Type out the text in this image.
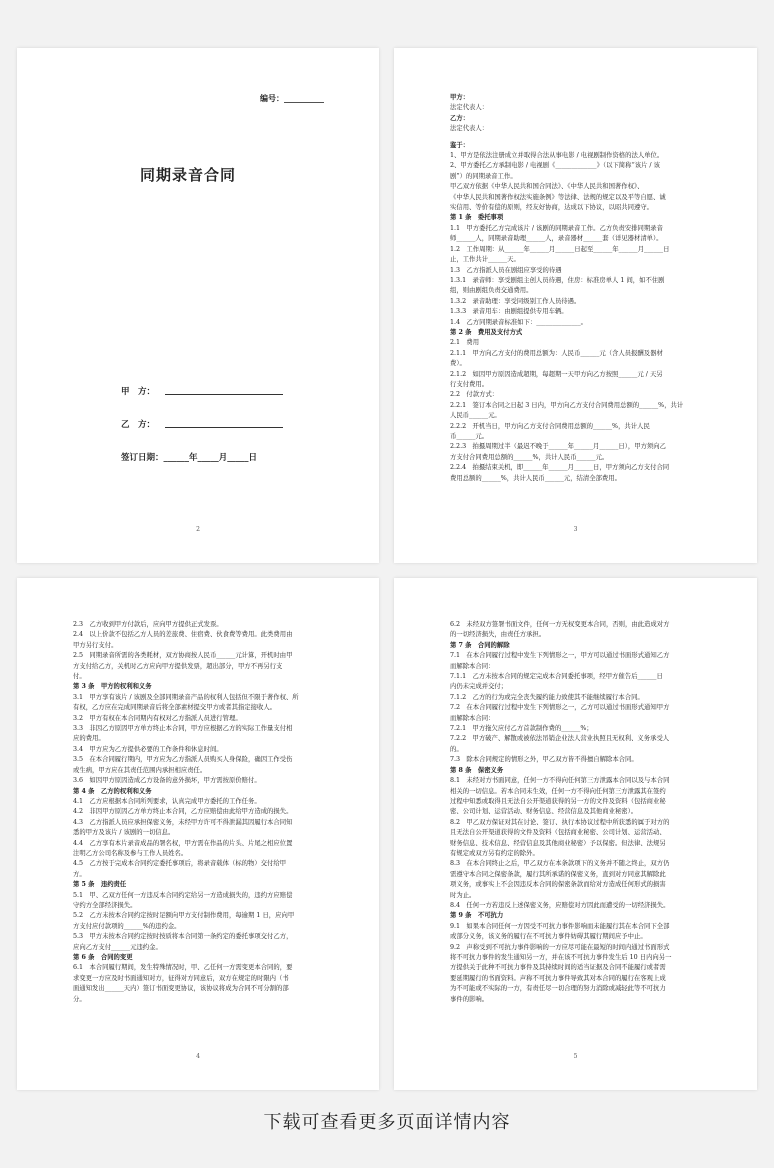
编号：__________
同期录音合同
甲　方：
乙　方：
签订日期：______年_____月_____日
2

甲方：

法定代表人：

乙方：

法定代表人：

鉴于：

1、甲方是依法注册成立并取得合法从事电影 / 电视剧制作资格的法人单位。

2、甲方委托乙方承制电影 / 电视剧《_____________》（以下简称“该片 / 该

剧”）的同期录音工作。

甲乙双方依据《中华人民共和国合同法》、《中华人民共和国著作权》、

《中华人民共和国著作权法实施条例》等法律、法规的规定以及平等自愿、诚

实信用、等价有偿的原则，经友好协商，达成以下协议，以昭共同遵守。

第 1 条　委托事项

1.1　甲方委托乙方完成该片 / 该剧的同期录音工作。乙方负责安排同期录音

师______人，同期录音助理______人，录音器材______套（详见器材清单）。

1.2　工作周期：从______年______月______日起至______年______月______日

止，工作共计______天。

1.3　乙方指派人员在剧组应享受的待遇

1.3.1　录音师：享受剧组主创人员待遇，住房：标准房单人 1 间，如不住剧

组，则由剧组负责交通费用。

1.3.2　录音助理：享受同级别工作人员待遇。

1.3.3　录音用车：由剧组提供专用车辆。

1.4　乙方同期录音标准如下：______________。

第 2 条　费用及支付方式

2.1　费用

2.1.1　甲方向乙方支付的费用总额为：人民币______元（含人员报酬及器材

费）。

2.1.2　如因甲方原因造成超期，每超期一天甲方向乙方按照______元 / 天另

行支付费用。

2.2　付款方式：

2.2.1　签订本合同之日起 3 日内，甲方向乙方支付合同费用总额的______%，共计

人民币______元。

2.2.2　开机当日，甲方向乙方支付合同费用总额的______%，共计人民

币______元。

2.2.3　拍摄周期过半（最迟不晚于______年______月______日），甲方须向乙

方支付合同费用总额的______%，共计人民币______元。

2.2.4　拍摄结束关机，即______年______月______日，甲方须向乙方支付合同

费用总额的______%，共计人民币______元，结清全部费用。

3

2.3　乙方收到甲方付款后，应向甲方提供正式发票。

2.4　以上价款不包括乙方人员的差旅费、住宿费、伙食费等费用。此类费用由

甲方另行支付。

2.5　同期录音所需的各类耗材，双方协商按人民币______元计算，开机时由甲

方支付给乙方，关机时乙方应向甲方提供发票，超出部分，甲方不再另行支

付。

第 3 条　甲方的权利和义务

3.1　甲方享有该片 / 该剧及全部同期录音产品的权利人包括但不限于著作权、所

有权，乙方应在完成同期录音后将全部素材提交甲方或者其指定接收人。

3.2　甲方有权在本合同期内有权对乙方指派人员进行管理。

3.3　非因乙方原因甲方单方终止本合同，甲方应根据乙方的实际工作量支付相

应的费用。

3.4　甲方应为乙方提供必要的工作条件和休息时间。

3.5　在本合同履行期内，甲方应为乙方指派人员购买人身保险，确因工作受伤

或生病，甲方应在其责任范围内承担相应责任。

3.6　如因甲方原因造成乙方设备的意外损坏，甲方需按原价赔付。

第 4 条　乙方的权利和义务

4.1　乙方应根据本合同所列要求，认真完成甲方委托的工作任务。

4.2　非因甲方原因乙方单方终止本合同，乙方应赔偿由此给甲方造成的损失。

4.3　乙方指派人员应承担保密义务，未经甲方许可不得泄漏其因履行本合同知

悉的甲方及该片 / 该剧的一切信息。

4.4　乙方享有本片录音成品的署名权，甲方需在作品的片头、片尾之相应位置

注明乙方公司名称及参与工作人员姓名。

4.5　乙方按于完成本合同约定委托事项后，将录音载体（标的物）交付给甲

方。

第 5 条　违约责任

5.1　甲、乙双方任何一方违反本合同约定给另一方造成损失的，违约方应赔偿

守约方全部经济损失。

5.2　乙方未按本合同约定按时足额向甲方支付制作费用，每逾期 1 日，应向甲

方支付应付款项的______%的违约金。

5.3　甲方未按本合同约定按时按质将本合同第一条约定的委托事项交付乙方，

应向乙方支付______元违约金。

第 6 条　合同的变更

6.1　本合同履行期间，发生特殊情况时，甲、乙任何一方需变更本合同的，要

求变更一方应及时书面通知对方，征得对方同意后，双方在规定的时限内（书

面通知发出______天内）签订书面变更协议，该协议将成为合同不可分割的部

分。

4

6.2　未经双方签署书面文件，任何一方无权变更本合同，否则，由此造成对方

的一切经济损失，由责任方承担。

第 7 条　合同的解除

7.1　在本合同履行过程中发生下列情形之一，甲方可以通过书面形式通知乙方

而解除本合同：

7.1.1　乙方未按本合同的规定完成本合同委托事项，经甲方催告后______日

内仍未完成并交付；

7.1.2　乙方的行为或完全丧失履约能力致使其不能继续履行本合同。

7.2　在本合同履行过程中发生下列情形之一，乙方可以通过书面形式通知甲方

而解除本合同：

7.2.1　甲方拖欠应付乙方首款制作费的______%；

7.2.2　甲方破产、解散或被依法吊销企业法人营业执照且无权利、义务承受人

的。

7.3　除本合同规定的情形之外，甲乙双方皆不得擅自解除本合同。

第 8 条　保密义务

8.1　未经对方书面同意，任何一方不得向任何第三方泄露本合同以及与本合同

相关的一切信息。若本合同未生效，任何一方不得向任何第三方泄露其在签约

过程中知悉或取得且无法自公开渠道获得的另一方的文件及资料（包括商业秘

密、公司计划、运营活动、财务信息、经营信息及其他商业秘密）。

8.2　甲乙双方保证对其在讨论、签订、执行本协议过程中所获悉的属于对方的

且无法自公开渠道获得的文件及资料（包括商业秘密、公司计划、运营活动、

财务信息、技术信息、经营信息及其他商业秘密）予以保密。但法律、法规另

有规定或双方另有约定的除外。

8.3　在本合同终止之后，甲乙双方在本条款项下的义务并不随之终止，双方仍

需遵守本合同之保密条款，履行其所承诺的保密义务，直到对方同意其解除此

项义务，或事实上不会因违反本合同的保密条款而给对方造成任何形式的损害

时为止。

8.4　任何一方若违反上述保密义务，应赔偿对方因此而遭受的一切经济损失。

第 9 条　不可抗力

9.1　如果本合同任何一方因受不可抗力事件影响而未能履行其在本合同下全部

或部分义务，该义务的履行在不可抗力事件妨碍其履行期间应予中止。

9.2　声称受到不可抗力事件影响的一方应尽可能在最短的时间内通过书面形式

将不可抗力事件的发生通知另一方，并在该不可抗力事件发生后 10 日内向另一

方提供关于此种不可抗力事件及其持续时间的适当证据及合同不能履行或者需

要延期履行的书面资料。声称不可抗力事件导致其对本合同的履行在客观上成

为不可能或不实际的一方，有责任尽一切合理的努力消除或减轻此等不可抗力

事件的影响。

5
下载可查看更多页面详情内容
